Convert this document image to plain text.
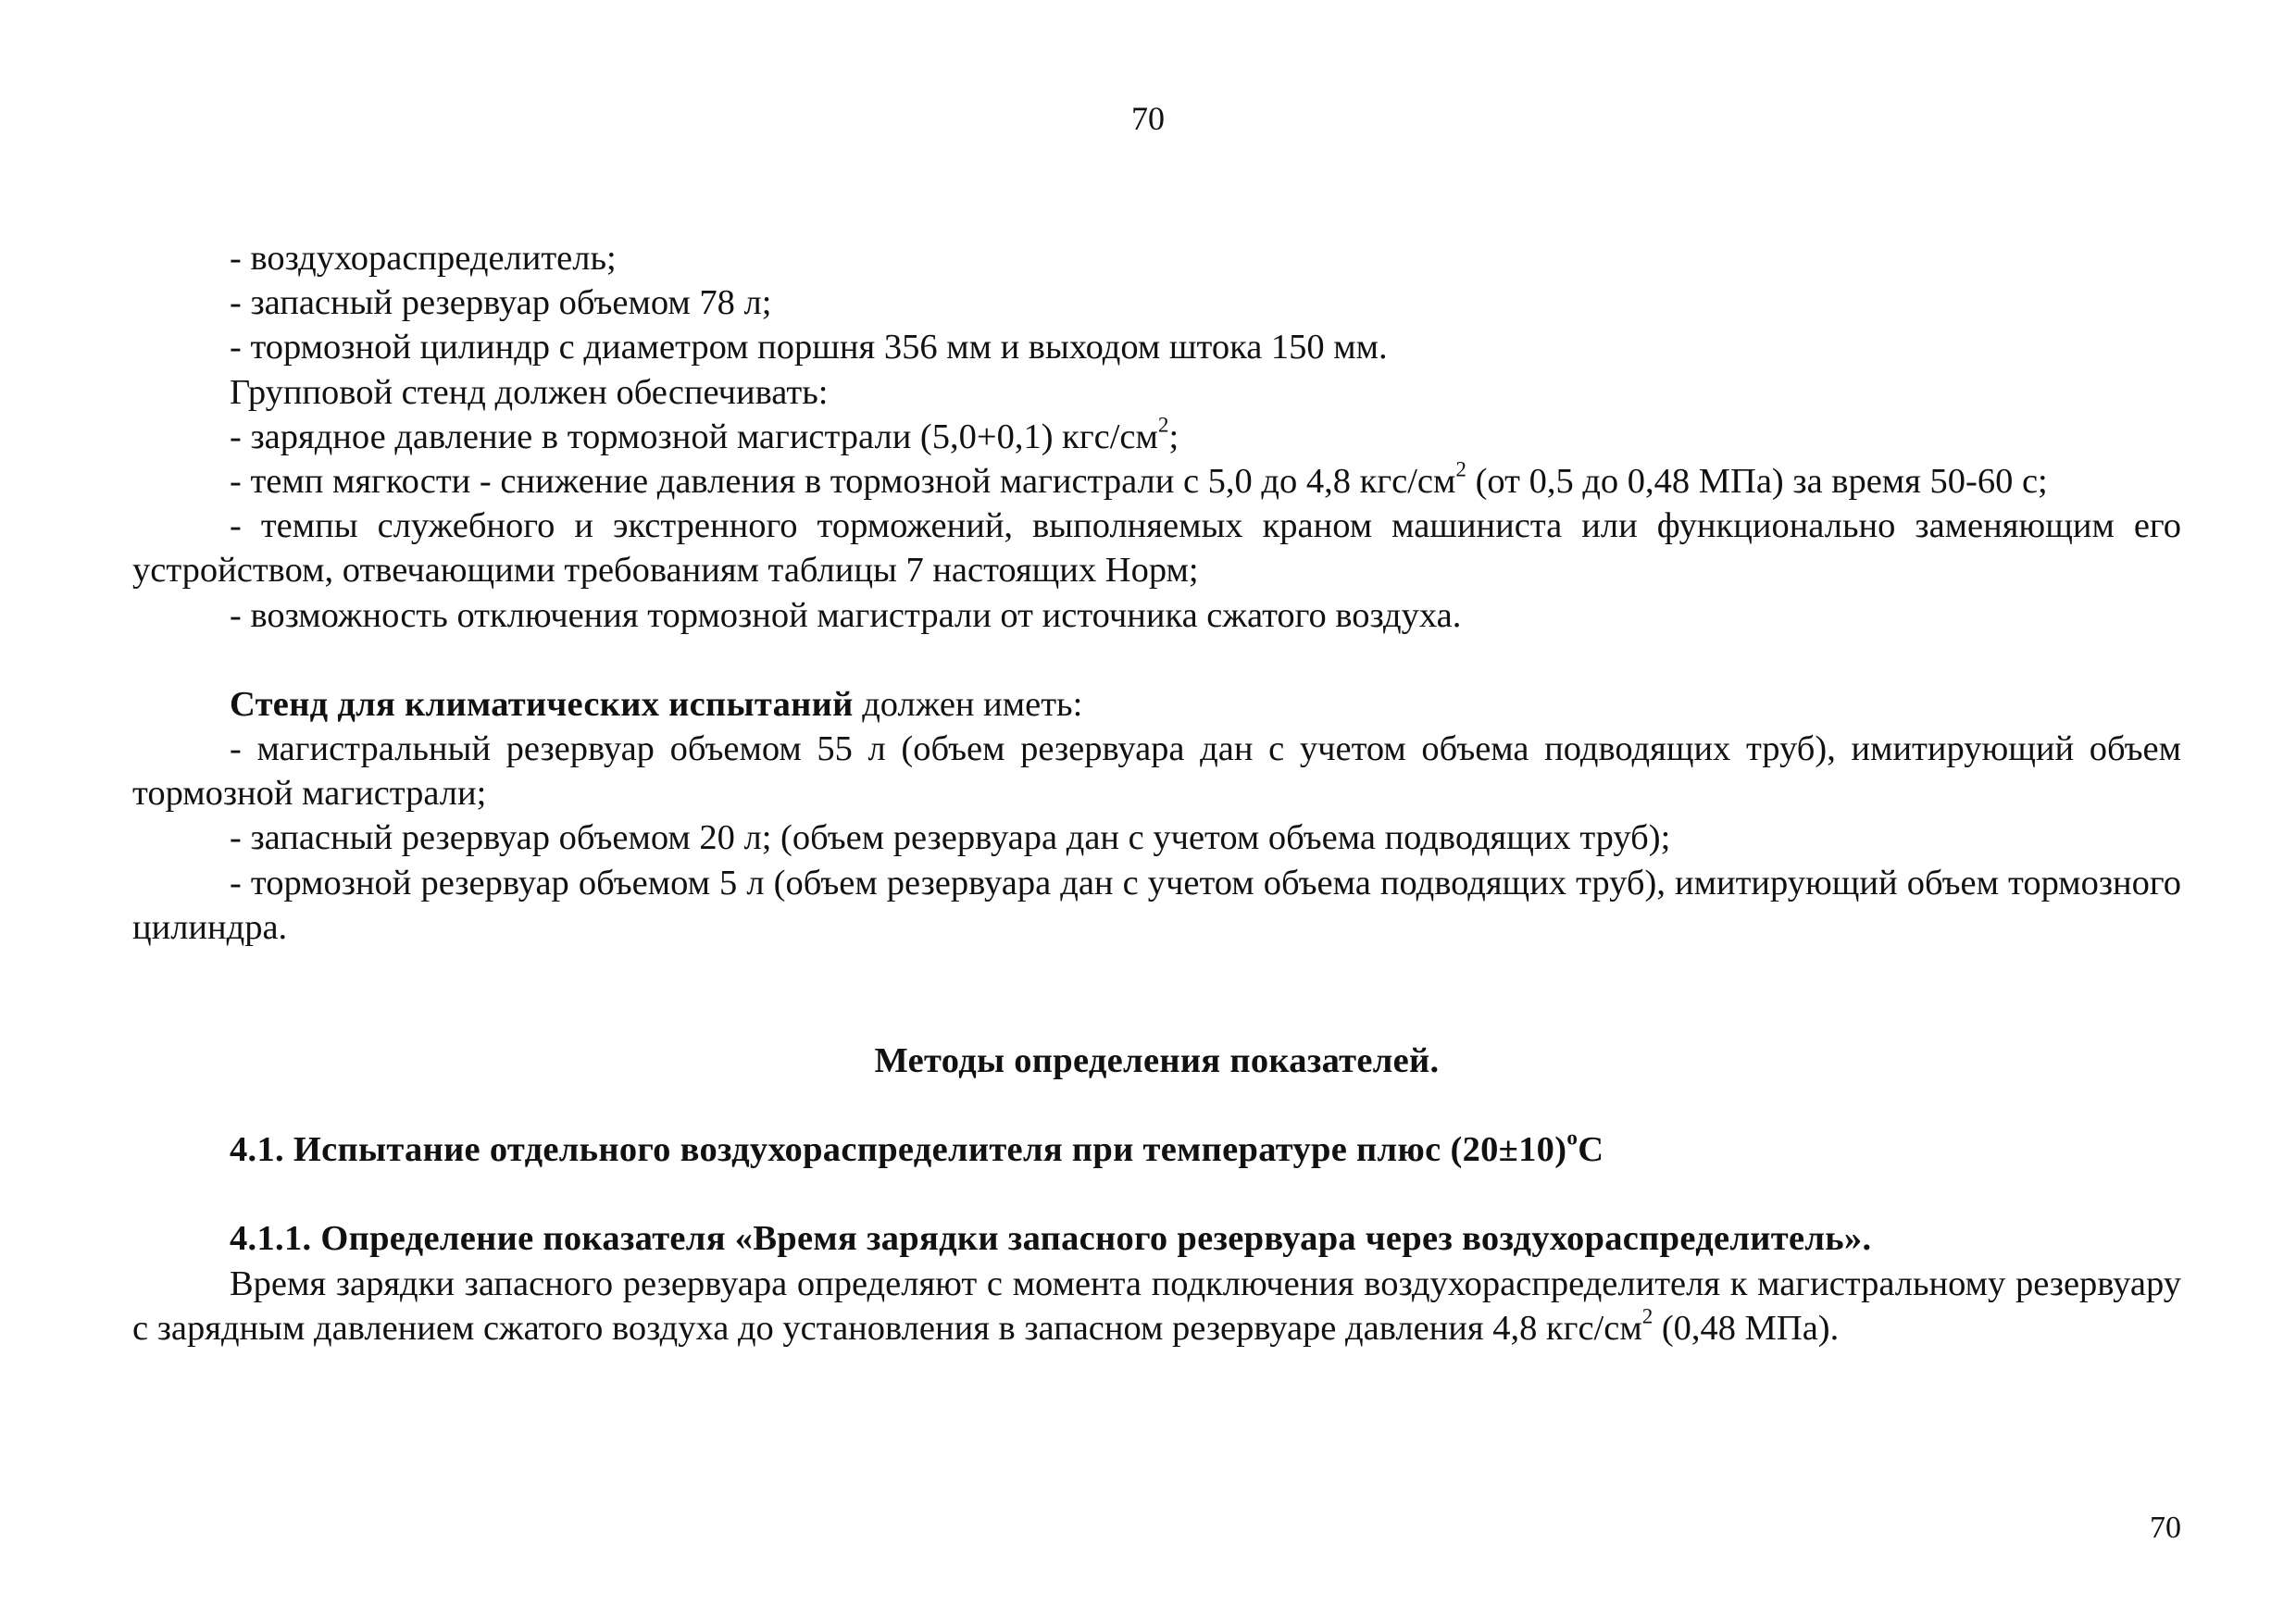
70

- воздухораспределитель;

- запасный резервуар объемом 78 л;

- тормозной цилиндр с диаметром поршня 356 мм и выходом штока 150 мм.

Групповой стенд должен обеспечивать:

- зарядное давление в тормозной магистрали (5,0+0,1) кгс/$см^2$;

- темп мягкости - снижение давления в тормозной магистрали с 5,0 до 4,8 кгс/$см^2$ (от 0,5 до 0,48 МПа) за время 50-60 с;

- темпы служебного и экстренного торможений, выполняемых краном машиниста или функционально заменяющим его устройством, отвечающими требованиям таблицы 7 настоящих Норм;

- возможность отключения тормозной магистрали от источника сжатого воздуха.

Стенд для климатических испытаний должен иметь:

- магистральный резервуар объемом 55 л (объем резервуара дан с учетом объема подводящих труб), имитирующий объем тормозной магистрали;

- запасный резервуар объемом 20 л; (объем резервуара дан с учетом объема подводящих труб);

- тормозной резервуар объемом 5 л (объем резервуара дан с учетом объема подводящих труб), имитирующий объем тормозного цилиндра.

Методы определения показателей.

4.1. Испытание отдельного воздухораспределителя при температуре плюс $(20\pm 10)^оС$

4.1.1. Определение показателя «Время зарядки запасного резервуара через воздухораспределитель».

Время зарядки запасного резервуара определяют с момента подключения воздухораспределителя к магистральному резервуару с зарядным давлением сжатого воздуха до установления в запасном резервуаре давления 4,8 кгс/$см^2$ (0,48 МПа).

70
